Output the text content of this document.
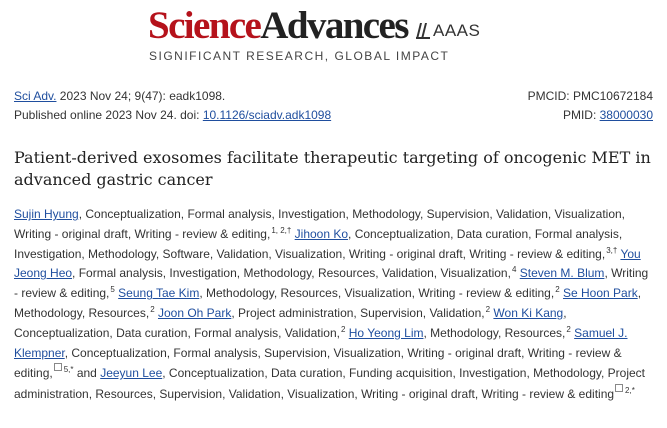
ScienceAdvances AAAS
SIGNIFICANT RESEARCH, GLOBAL IMPACT
Sci Adv. 2023 Nov 24; 9(47): eadk1098.
Published online 2023 Nov 24. doi: 10.1126/sciadv.adk1098
PMCID: PMC10672184
PMID: 38000030
Patient-derived exosomes facilitate therapeutic targeting of oncogenic MET in advanced gastric cancer
Sujin Hyung, Conceptualization, Formal analysis, Investigation, Methodology, Supervision, Validation, Visualization, Writing - original draft, Writing - review & editing,$^{1, 2,\dagger}$ Jihoon Ko, Conceptualization, Data curation, Formal analysis, Investigation, Methodology, Software, Validation, Visualization, Writing - original draft, Writing - review & editing,$^{3,\dagger}$ You Jeong Heo, Formal analysis, Investigation, Methodology, Resources, Validation, Visualization,$^4$ Steven M. Blum, Writing - review & editing,$^5$ Seung Tae Kim, Methodology, Resources, Visualization, Writing - review & editing,$^2$ Se Hoon Park, Methodology, Resources,$^2$ Joon Oh Park, Project administration, Supervision, Validation,$^2$ Won Ki Kang, Conceptualization, Data curation, Formal analysis, Validation,$^2$ Ho Yeong Lim, Methodology, Resources,$^2$ Samuel J. Klempner, Conceptualization, Formal analysis, Supervision, Visualization, Writing - original draft, Writing - review & editing, $^{5,*}$ and Jeeyun Lee, Conceptualization, Data curation, Funding acquisition, Investigation, Methodology, Project administration, Resources, Supervision, Validation, Visualization, Writing - original draft, Writing - review & editing $^{2,*}$
